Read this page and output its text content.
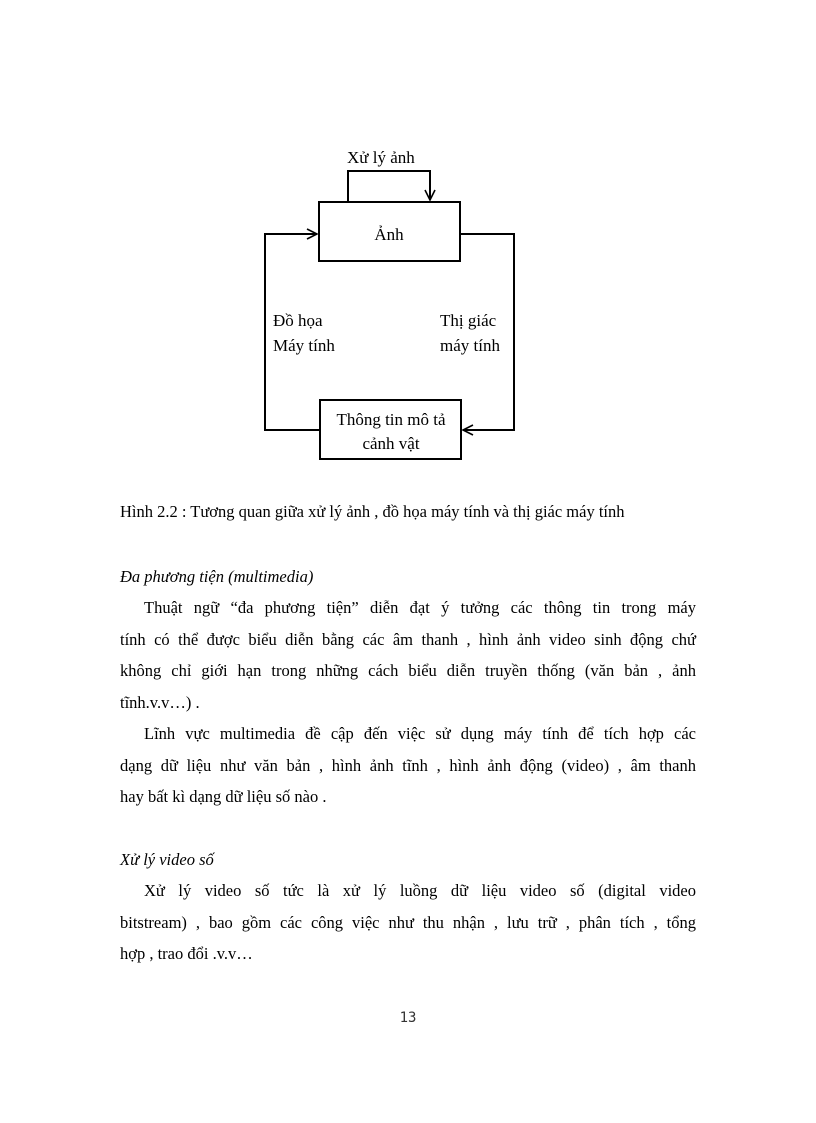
Xử lý ảnh
Ảnh
Đồ họa
Máy tính
Thị giác
máy tính
Thông tin mô tả
cảnh vật
Hình 2.2 : Tương quan giữa xử lý ảnh , đồ họa máy tính và thị giác máy tính
Đa phương tiện (multimedia)
Thuật ngữ “đa phương tiện” diễn đạt ý tưởng các thông tin trong máy
tính có thể được biểu diễn bằng các âm thanh , hình ảnh video sinh động chứ
không chỉ giới hạn trong những cách biểu diễn truyền thống (văn bản , ảnh
tĩnh.v.v…) .
Lĩnh vực multimedia đề cập đến việc sử dụng máy tính để tích hợp các
dạng dữ liệu như văn bản , hình ảnh tĩnh , hình ảnh động (video) , âm thanh
hay bất kì dạng dữ liệu số nào .
Xử lý video số
Xử lý video số tức là xử lý luồng dữ liệu video số (digital video
bitstream) , bao gồm các công việc như thu nhận , lưu trữ , phân tích , tổng
hợp , trao đổi .v.v…
13
